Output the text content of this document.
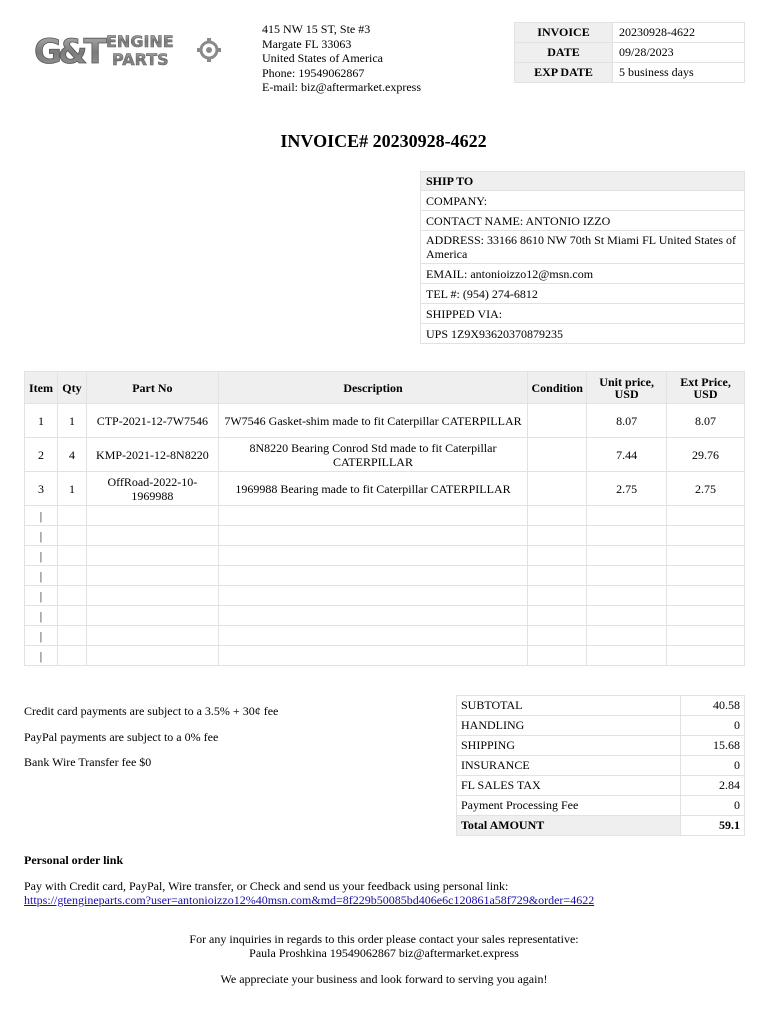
G&T ENGINE
PARTS
415 NW 15 ST, Ste #3
Margate FL 33063
United States of America
Phone: 19549062867
E-mail: biz@aftermarket.express
INVOICE	20230928-4622
DATE	09/28/2023
EXP DATE	5 business days
INVOICE# 20230928-4622
SHIP TO
COMPANY:
CONTACT NAME: ANTONIO IZZO
ADDRESS: 33166 8610 NW 70th St Miami FL United States of America
EMAIL: antonioizzo12@msn.com
TEL #: (954) 274-6812
SHIPPED VIA:
UPS 1Z9X93620370879235
Item	Qty	Part No	Description	Condition	Unit price, USD	Ext Price, USD
1	1	CTP-2021-12-7W7546	7W7546 Gasket-shim made to fit Caterpillar CATERPILLAR		8.07	8.07
2	4	KMP-2021-12-8N8220	8N8220 Bearing Conrod Std made to fit Caterpillar CATERPILLAR		7.44	29.76
3	1	OffRoad-2022-10-1969988	1969988 Bearing made to fit Caterpillar CATERPILLAR		2.75	2.75
|						
|						
|						
|						
|						
|						
|						
|						
Credit card payments are subject to a 3.5% + 30¢ fee
PayPal payments are subject to a 0% fee
Bank Wire Transfer fee $0
SUBTOTAL	40.58
HANDLING	0
SHIPPING	15.68
INSURANCE	0
FL SALES TAX	2.84
Payment Processing Fee	0
Total AMOUNT	59.1
Personal order link
Pay with Credit card, PayPal, Wire transfer, or Check and send us your feedback using personal link:
https://gtengineparts.com?user=antonioizzo12%40msn.com&md=8f229b50085bd406e6c120861a58f729&order=4622
For any inquiries in regards to this order please contact your sales representative:
Paula Proshkina 19549062867 biz@aftermarket.express
We appreciate your business and look forward to serving you again!
